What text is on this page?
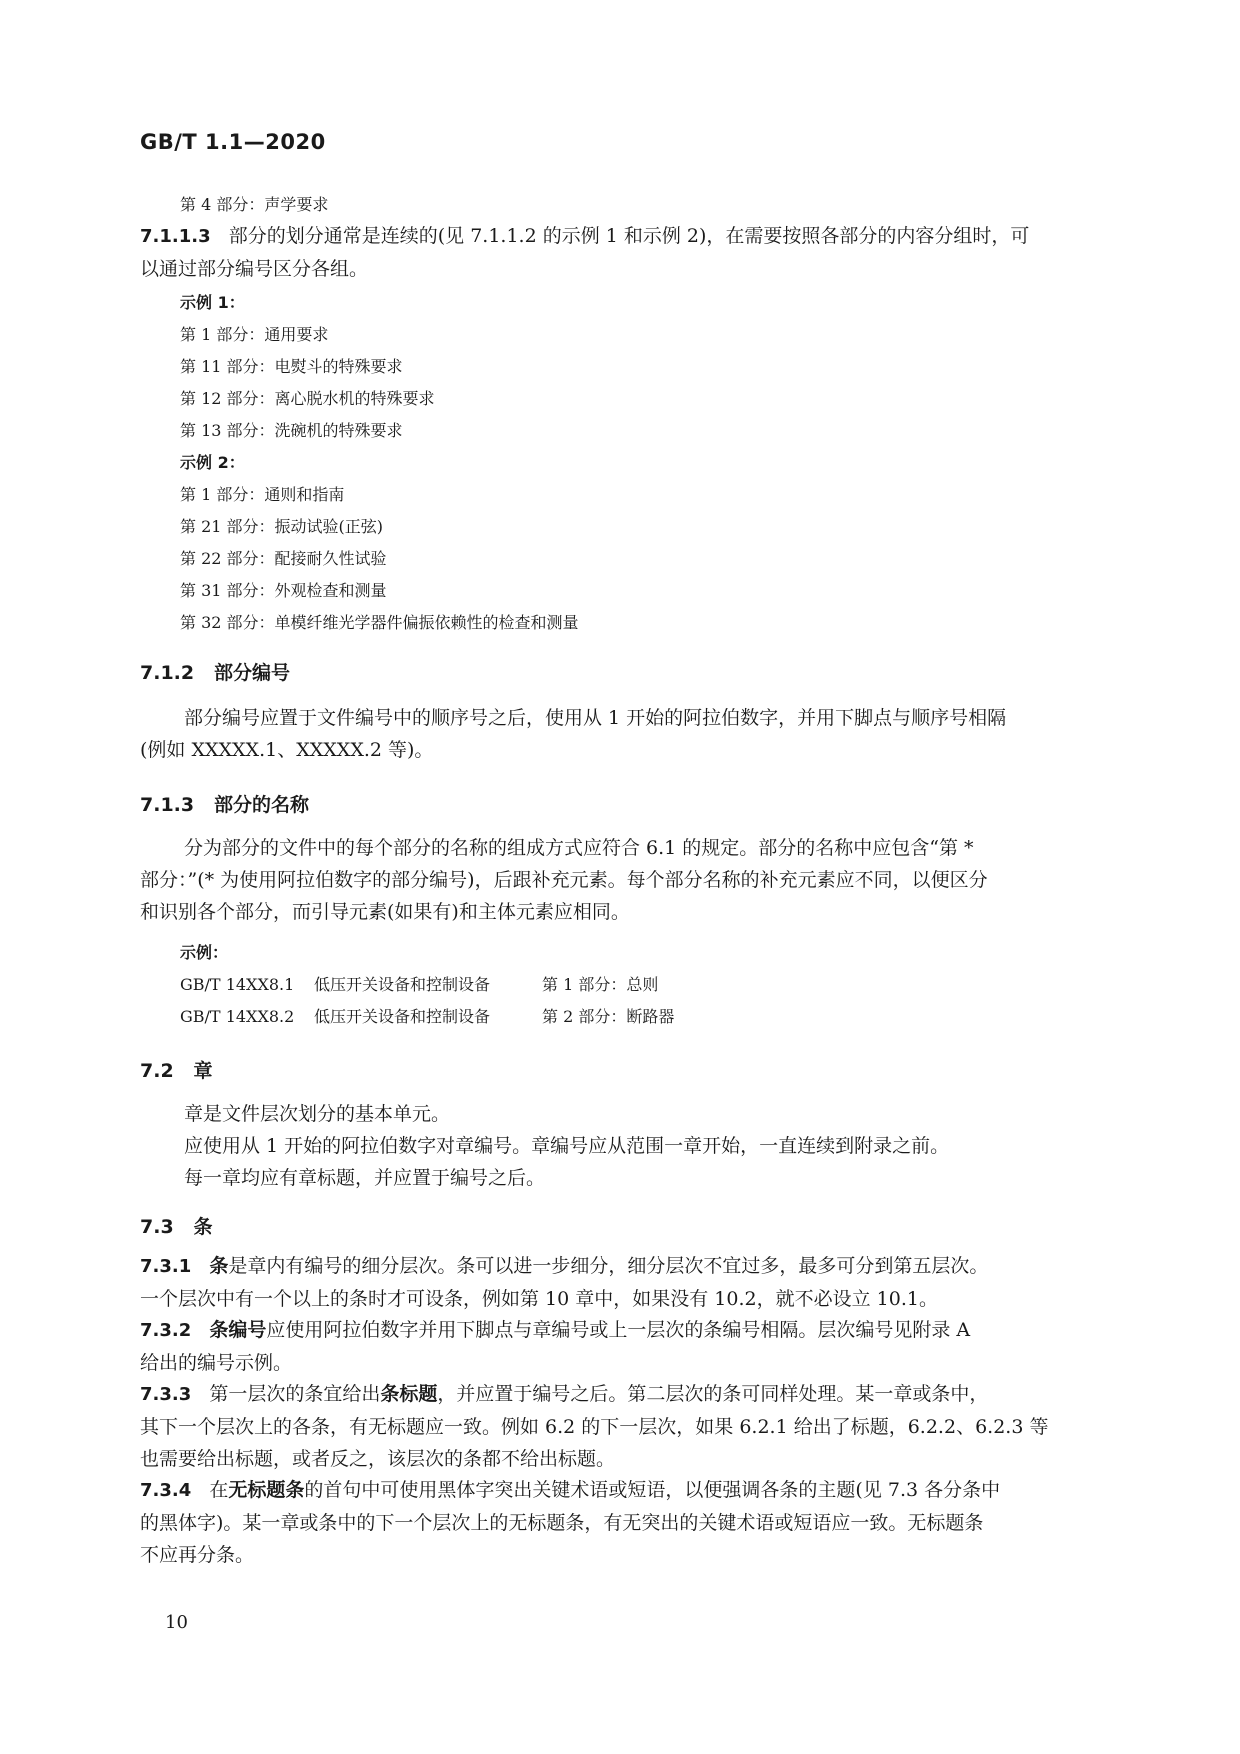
GB/T 1.1—2020
第 4 部分：声学要求
7.1.1.3 部分的划分通常是连续的(见 7.1.1.2 的示例 1 和示例 2)，在需要按照各部分的内容分组时，可
以通过部分编号区分各组。
示例 1：
第 1 部分：通用要求
第 11 部分：电熨斗的特殊要求
第 12 部分：离心脱水机的特殊要求
第 13 部分：洗碗机的特殊要求
示例 2：
第 1 部分：通则和指南
第 21 部分：振动试验(正弦)
第 22 部分：配接耐久性试验
第 31 部分：外观检查和测量
第 32 部分：单模纤维光学器件偏振依赖性的检查和测量
7.1.2 部分编号
部分编号应置于文件编号中的顺序号之后，使用从 1 开始的阿拉伯数字，并用下脚点与顺序号相隔
(例如 XXXXX.1、XXXXX.2 等)。
7.1.3 部分的名称
分为部分的文件中的每个部分的名称的组成方式应符合 6.1 的规定。部分的名称中应包含“第 *
部分：”(* 为使用阿拉伯数字的部分编号)，后跟补充元素。每个部分名称的补充元素应不同，以便区分
和识别各个部分，而引导元素(如果有)和主体元素应相同。
示例：
GB/T 14XX8.1 低压开关设备和控制设备	第 1 部分：总则
GB/T 14XX8.2 低压开关设备和控制设备	第 2 部分：断路器
7.2 章
章是文件层次划分的基本单元。
应使用从 1 开始的阿拉伯数字对章编号。章编号应从范围一章开始，一直连续到附录之前。
每一章均应有章标题，并应置于编号之后。
7.3 条
7.3.1 条是章内有编号的细分层次。条可以进一步细分，细分层次不宜过多，最多可分到第五层次。
一个层次中有一个以上的条时才可设条，例如第 10 章中，如果没有 10.2，就不必设立 10.1。
7.3.2 条编号应使用阿拉伯数字并用下脚点与章编号或上一层次的条编号相隔。层次编号见附录 A
给出的编号示例。
7.3.3 第一层次的条宜给出条标题，并应置于编号之后。第二层次的条可同样处理。某一章或条中，
其下一个层次上的各条，有无标题应一致。例如 6.2 的下一层次，如果 6.2.1 给出了标题，6.2.2、6.2.3 等
也需要给出标题，或者反之，该层次的条都不给出标题。
7.3.4 在无标题条的首句中可使用黑体字突出关键术语或短语，以便强调各条的主题(见 7.3 各分条中
的黑体字)。某一章或条中的下一个层次上的无标题条，有无突出的关键术语或短语应一致。无标题条
不应再分条。
10
